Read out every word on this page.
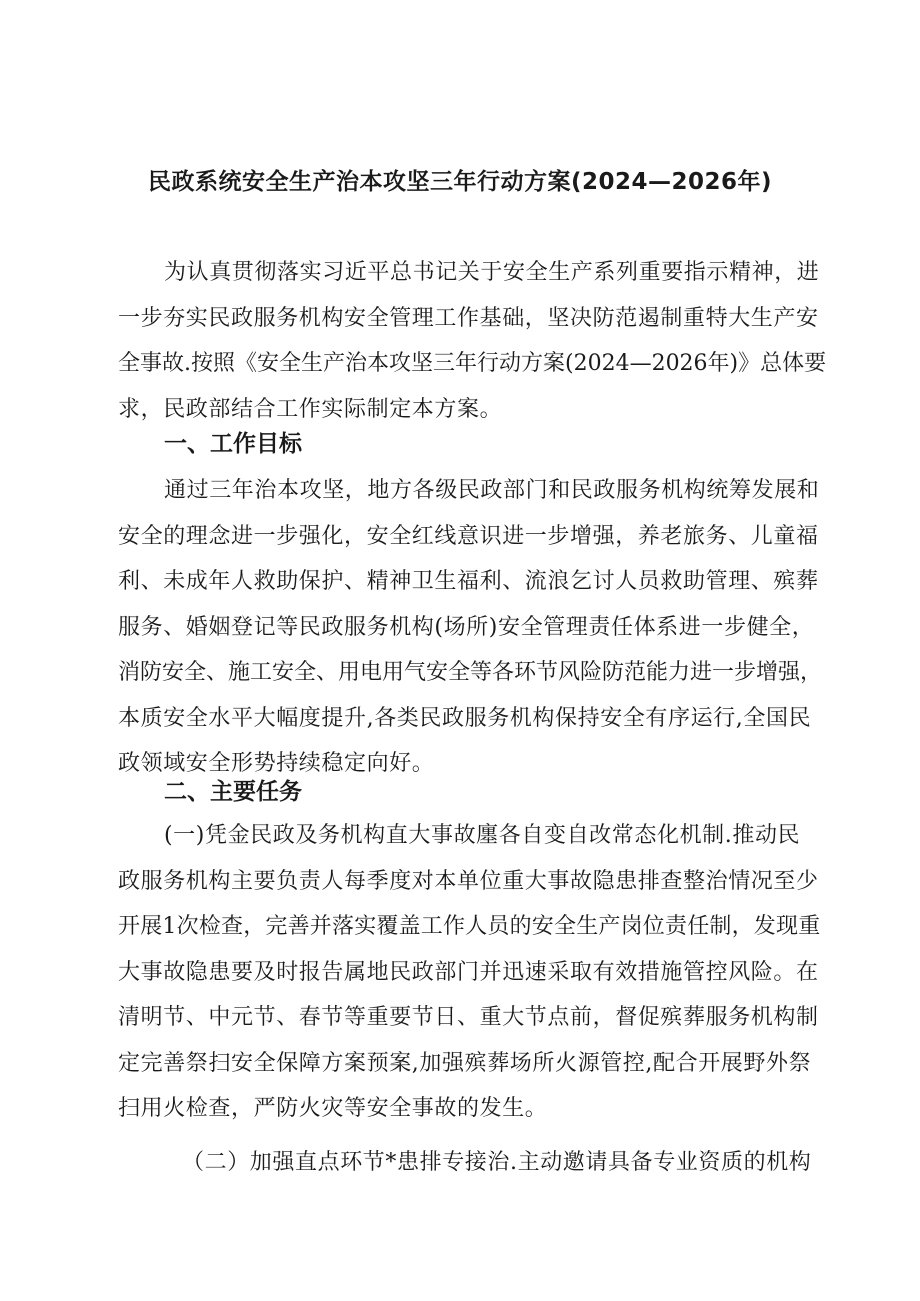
民政系统安全生产治本攻坚三年行动方案(2024—2026年)
为认真贯彻落实习近平总书记关于安全生产系列重要指示精神，进
一步夯实民政服务机构安全管理工作基础，坚决防范遏制重特大生产安
全事故.按照《安全生产治本攻坚三年行动方案(2024—2026年)》总体要
求，民政部结合工作实际制定本方案。
一、工作目标
通过三年治本攻坚，地方各级民政部门和民政服务机构统筹发展和
安全的理念进一步强化，安全红线意识进一步增强，养老旅务、儿童福
利、未成年人救助保护、精神卫生福利、流浪乞讨人员救助管理、殡葬
服务、婚姻登记等民政服务机构(场所)安全管理责任体系进一步健全，
消防安全、施工安全、用电用气安全等各环节风险防范能力进一步增强，
本质安全水平大幅度提升,各类民政服务机构保持安全有序运行,全国民
政领域安全形势持续稳定向好。
二、主要任务
(一)凭金民政及务机构直大事故廛各自变自改常态化机制.推动民
政服务机构主要负责人每季度对本单位重大事故隐患排查整治情况至少
开展1次检查，完善并落实覆盖工作人员的安全生产岗位责任制，发现重
大事故隐患要及时报告属地民政部门并迅速采取有效措施管控风险。在
清明节、中元节、春节等重要节日、重大节点前，督促殡葬服务机构制
定完善祭扫安全保障方案预案,加强殡葬场所火源管控,配合开展野外祭
扫用火检查，严防火灾等安全事故的发生。
（二）加强直点环节*患排专接治.主动邀请具备专业资质的机构
